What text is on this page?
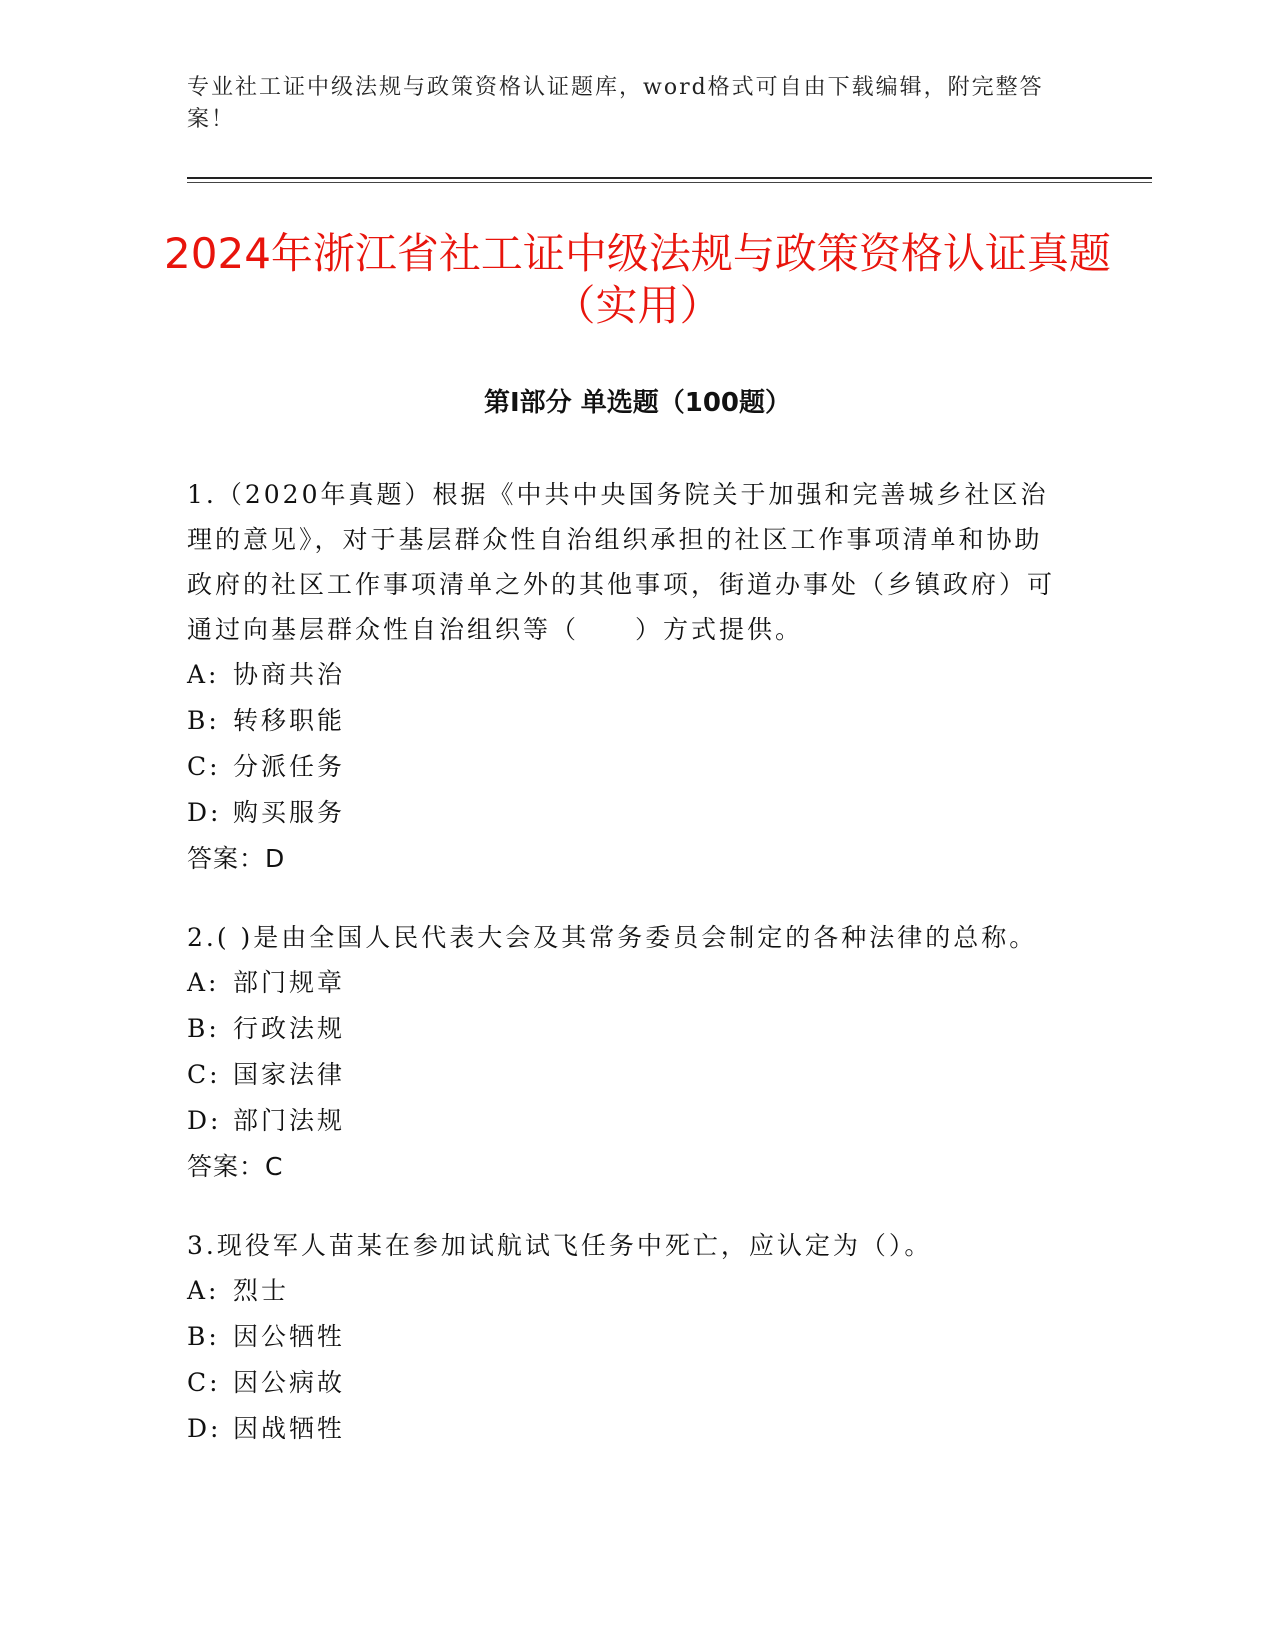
专业社工证中级法规与政策资格认证题库，word格式可自由下载编辑，附完整答案！
2024年浙江省社工证中级法规与政策资格认证真题（实用）
第Ⅰ部分 单选题（100题）

1.（2020年真题）根据《中共中央国务院关于加强和完善城乡社区治理的意见》，对于基层群众性自治组织承担的社区工作事项清单和协助政府的社区工作事项清单之外的其他事项，街道办事处（乡镇政府）可通过向基层群众性自治组织等（　　）方式提供。

A: 协商共治
B: 转移职能
C: 分派任务
D: 购买服务
答案：D

2.( )是由全国人民代表大会及其常务委员会制定的各种法律的总称。

A: 部门规章
B: 行政法规
C: 国家法律
D: 部门法规
答案：C

3.现役军人苗某在参加试航试飞任务中死亡，应认定为（）。

A: 烈士
B: 因公牺牲
C: 因公病故
D: 因战牺牲
